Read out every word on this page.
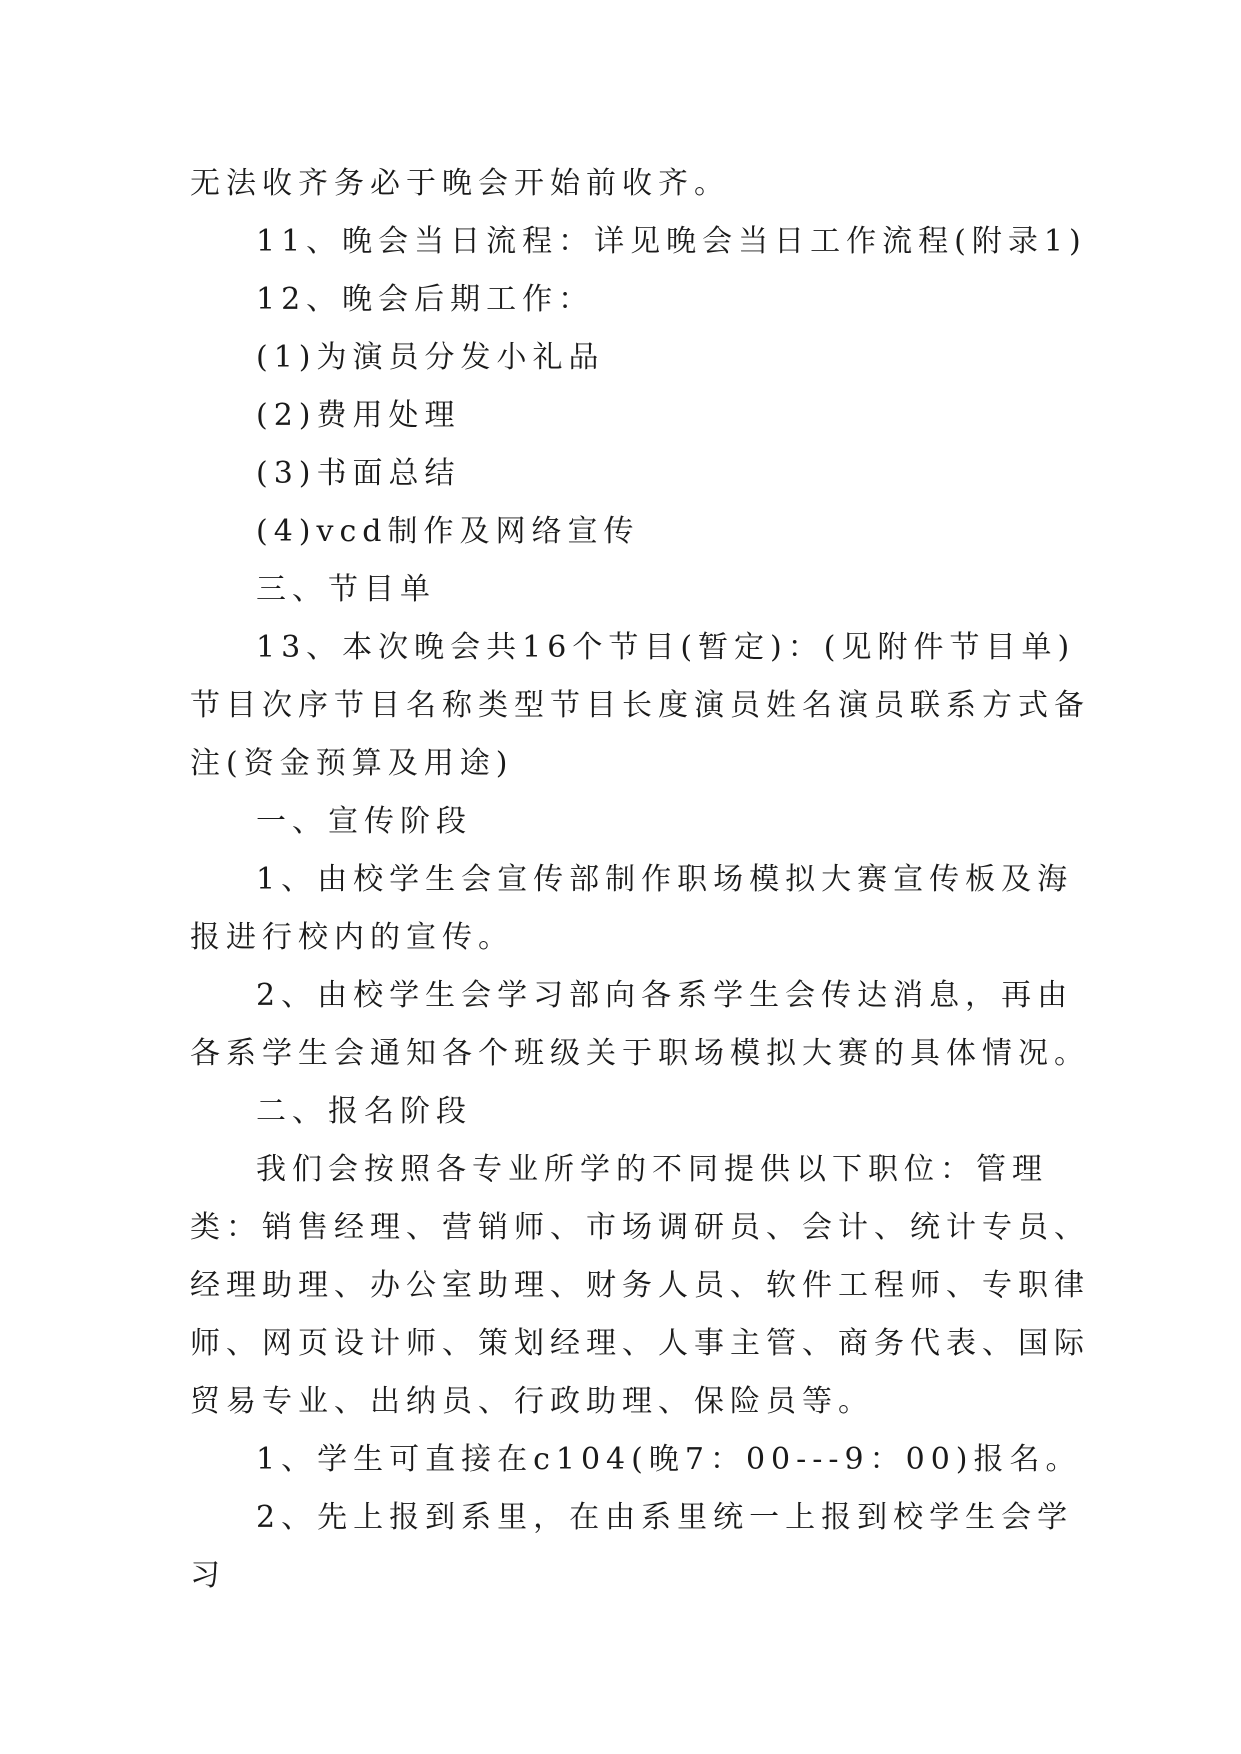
无法收齐务必于晚会开始前收齐。

11、晚会当日流程：详见晚会当日工作流程(附录1)

12、晚会后期工作：

(1)为演员分发小礼品

(2)费用处理

(3)书面总结

(4)vcd制作及网络宣传

三、节目单

13、本次晚会共16个节目(暂定)：(见附件节目单)节目次序节目名称类型节目长度演员姓名演员联系方式备注(资金预算及用途)

一、宣传阶段

1、由校学生会宣传部制作职场模拟大赛宣传板及海报进行校内的宣传。

2、由校学生会学习部向各系学生会传达消息，再由各系学生会通知各个班级关于职场模拟大赛的具体情况。

二、报名阶段

我们会按照各专业所学的不同提供以下职位：管理类：销售经理、营销师、市场调研员、会计、统计专员、经理助理、办公室助理、财务人员、软件工程师、专职律师、网页设计师、策划经理、人事主管、商务代表、国际贸易专业、出纳员、行政助理、保险员等。

1、学生可直接在c104(晚7：00---9：00)报名。

2、先上报到系里，在由系里统一上报到校学生会学习
